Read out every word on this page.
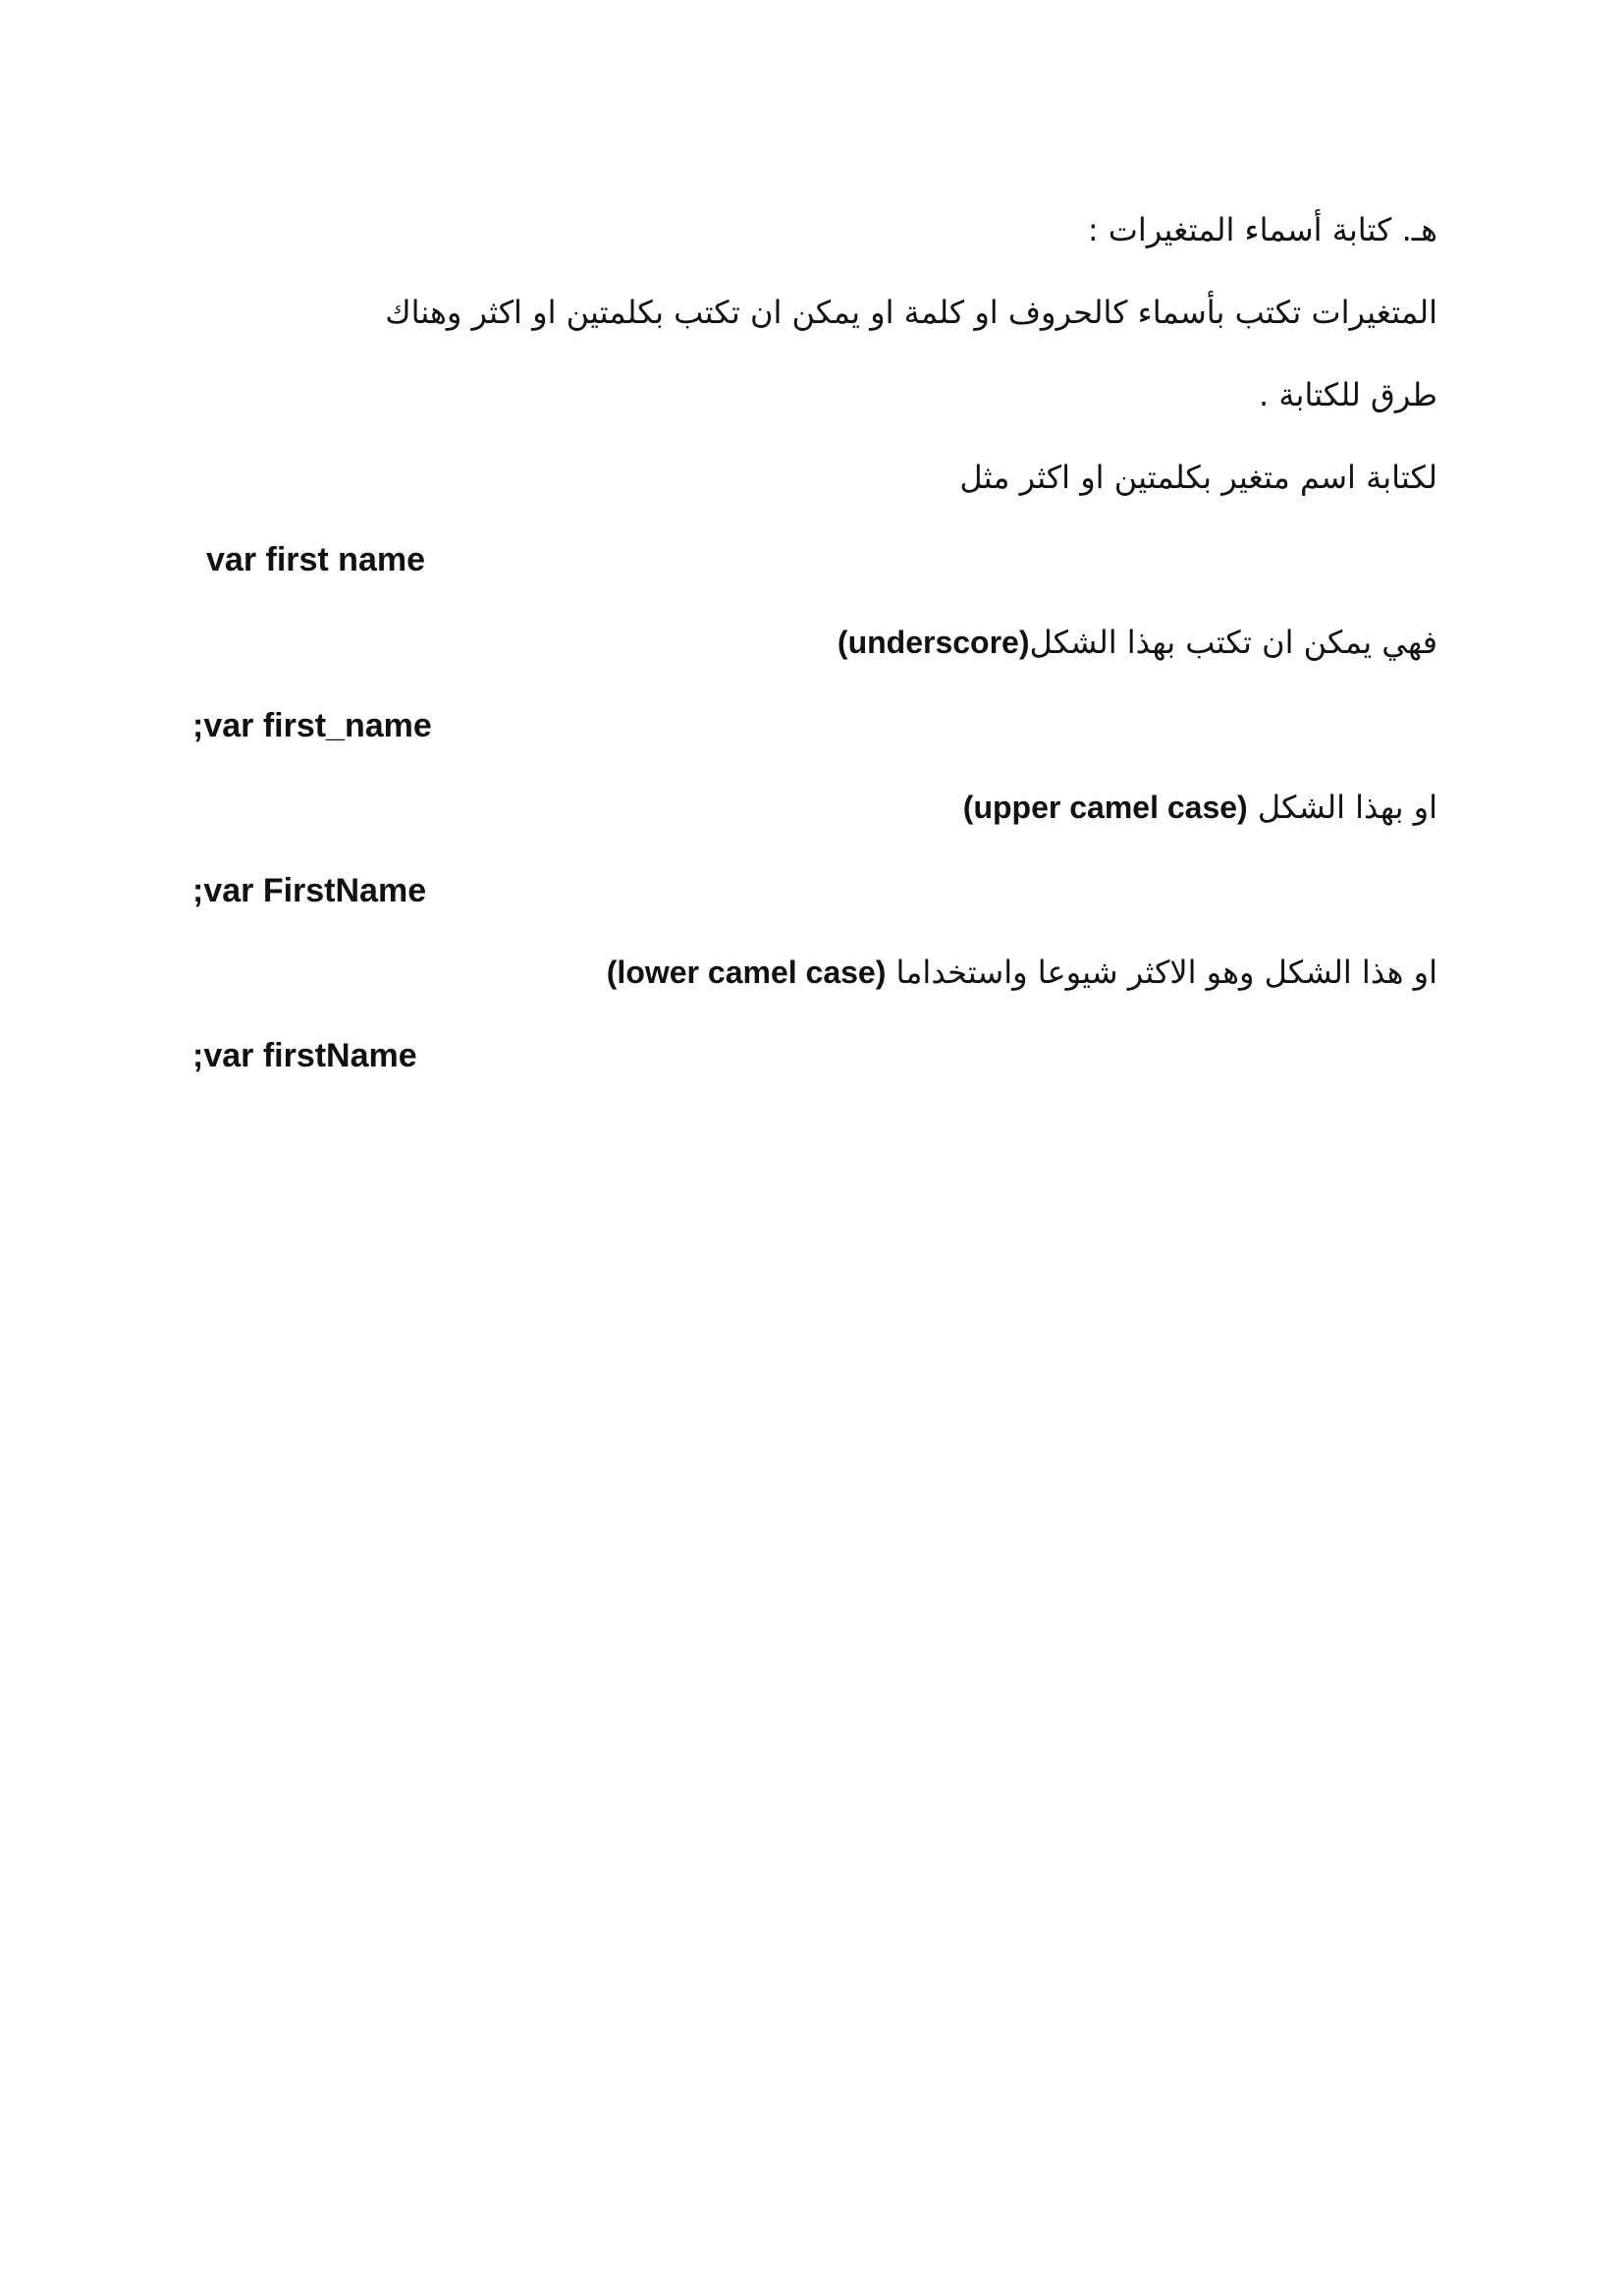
هـ. كتابة أسماء المتغيرات :
المتغيرات تكتب بأسماء كالحروف او كلمة او يمكن ان تكتب بكلمتين او اكثر وهناك
طرق للكتابة .
لكتابة اسم متغير بكلمتين او اكثر مثل
var first name
فهي يمكن ان تكتب بهذا الشكل(underscore)
;var first_name
او بهذا الشكل (upper camel case)
;var FirstName
او هذا الشكل وهو الاكثر شيوعا واستخداما (lower camel case)
;var firstName
